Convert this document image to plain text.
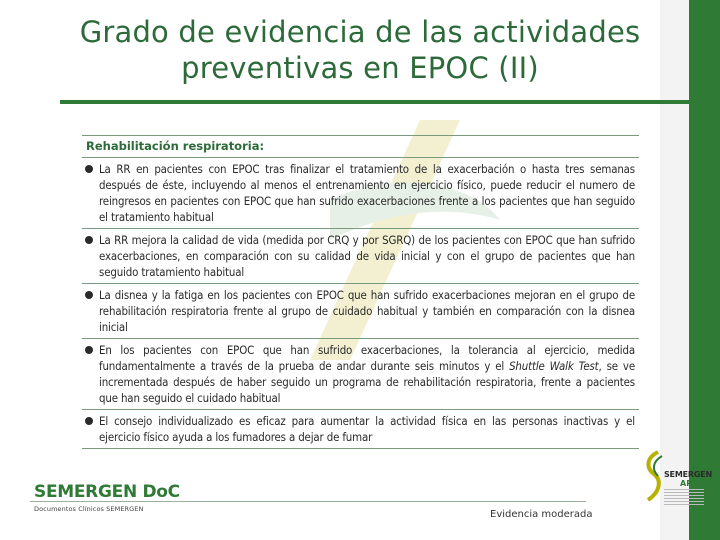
Grado de evidencia de las actividades
preventivas en EPOC (II)
Rehabilitación respiratoria:
La RR en pacientes con EPOC tras finalizar el tratamiento de la exacerbación o hasta tres semanas después de éste, incluyendo al menos el entrenamiento en ejercicio físico, puede reducir el numero de reingresos en pacientes con EPOC que han sufrido exacerbaciones frente a los pacientes que han seguido el tratamiento habitual
La RR mejora la calidad de vida (medida por CRQ y por SGRQ) de los pacientes con EPOC que han sufrido exacerbaciones, en comparación con su calidad de vida inicial y con el grupo de pacientes que han seguido tratamiento habitual
La disnea y la fatiga en los pacientes con EPOC que han sufrido exacerbaciones mejoran en el grupo de rehabilitación respiratoria frente al grupo de cuidado habitual y también en comparación con la disnea inicial
En los pacientes con EPOC que han sufrido exacerbaciones, la tolerancia al ejercicio, medida fundamentalmente a través de la prueba de andar durante seis minutos y el Shuttle Walk Test, se ve incrementada después de haber seguido un programa de rehabilitación respiratoria, frente a pacientes que han seguido el cuidado habitual
El consejo individualizado es eficaz para aumentar la actividad física en las personas inactivas y el ejercicio físico ayuda a los fumadores a dejar de fumar
SEMERGEN DoC
Documentos Clínicos SEMERGEN	Evidencia moderada
SEMERGEN
AP
